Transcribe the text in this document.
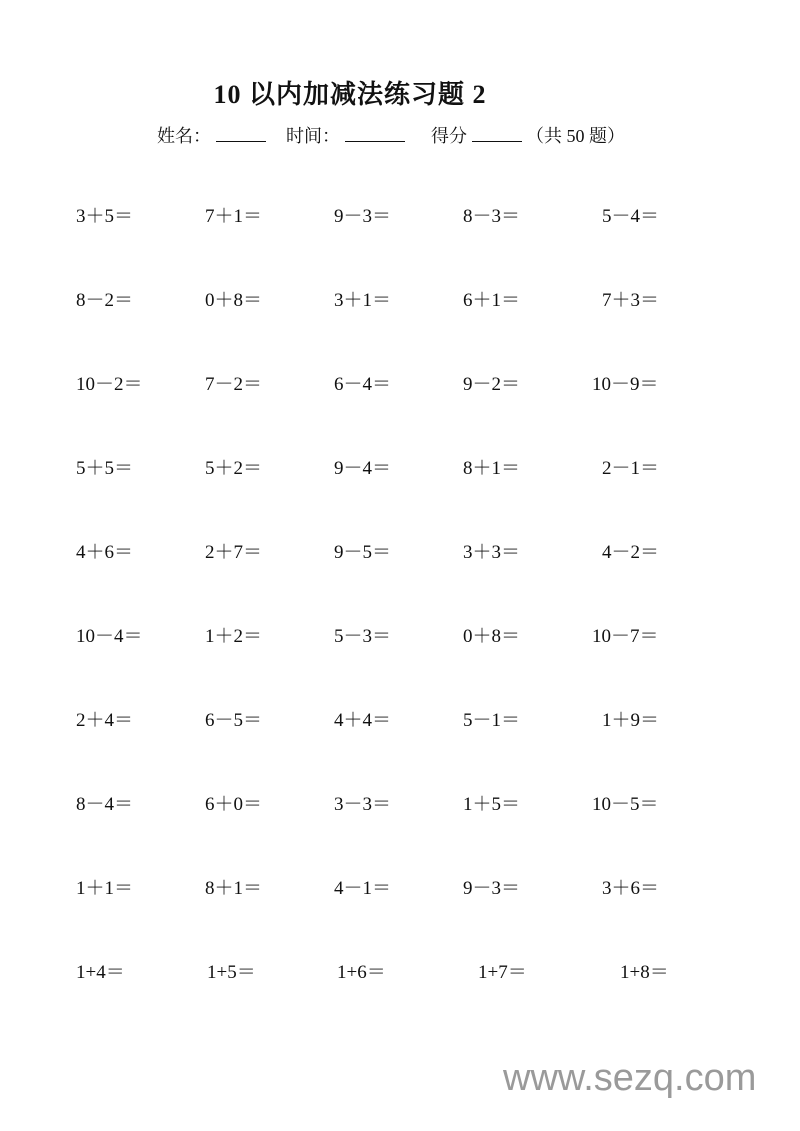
10 以内加减法练习题 2
姓名：	时间：	得分	（共 50 题）
3＋5＝	7＋1＝	9－3＝	8－3＝	5－4＝
8－2＝	0＋8＝	3＋1＝	6＋1＝	7＋3＝
10－2＝	7－2＝	6－4＝	9－2＝	10－9＝
5＋5＝	5＋2＝	9－4＝	8＋1＝	2－1＝
4＋6＝	2＋7＝	9－5＝	3＋3＝	4－2＝
10－4＝	1＋2＝	5－3＝	0＋8＝	10－7＝
2＋4＝	6－5＝	4＋4＝	5－1＝	1＋9＝
8－4＝	6＋0＝	3－3＝	1＋5＝	10－5＝
1＋1＝	8＋1＝	4－1＝	9－3＝	3＋6＝
1+4＝	1+5＝	1+6＝	1+7＝	1+8＝
www.sezq.com
